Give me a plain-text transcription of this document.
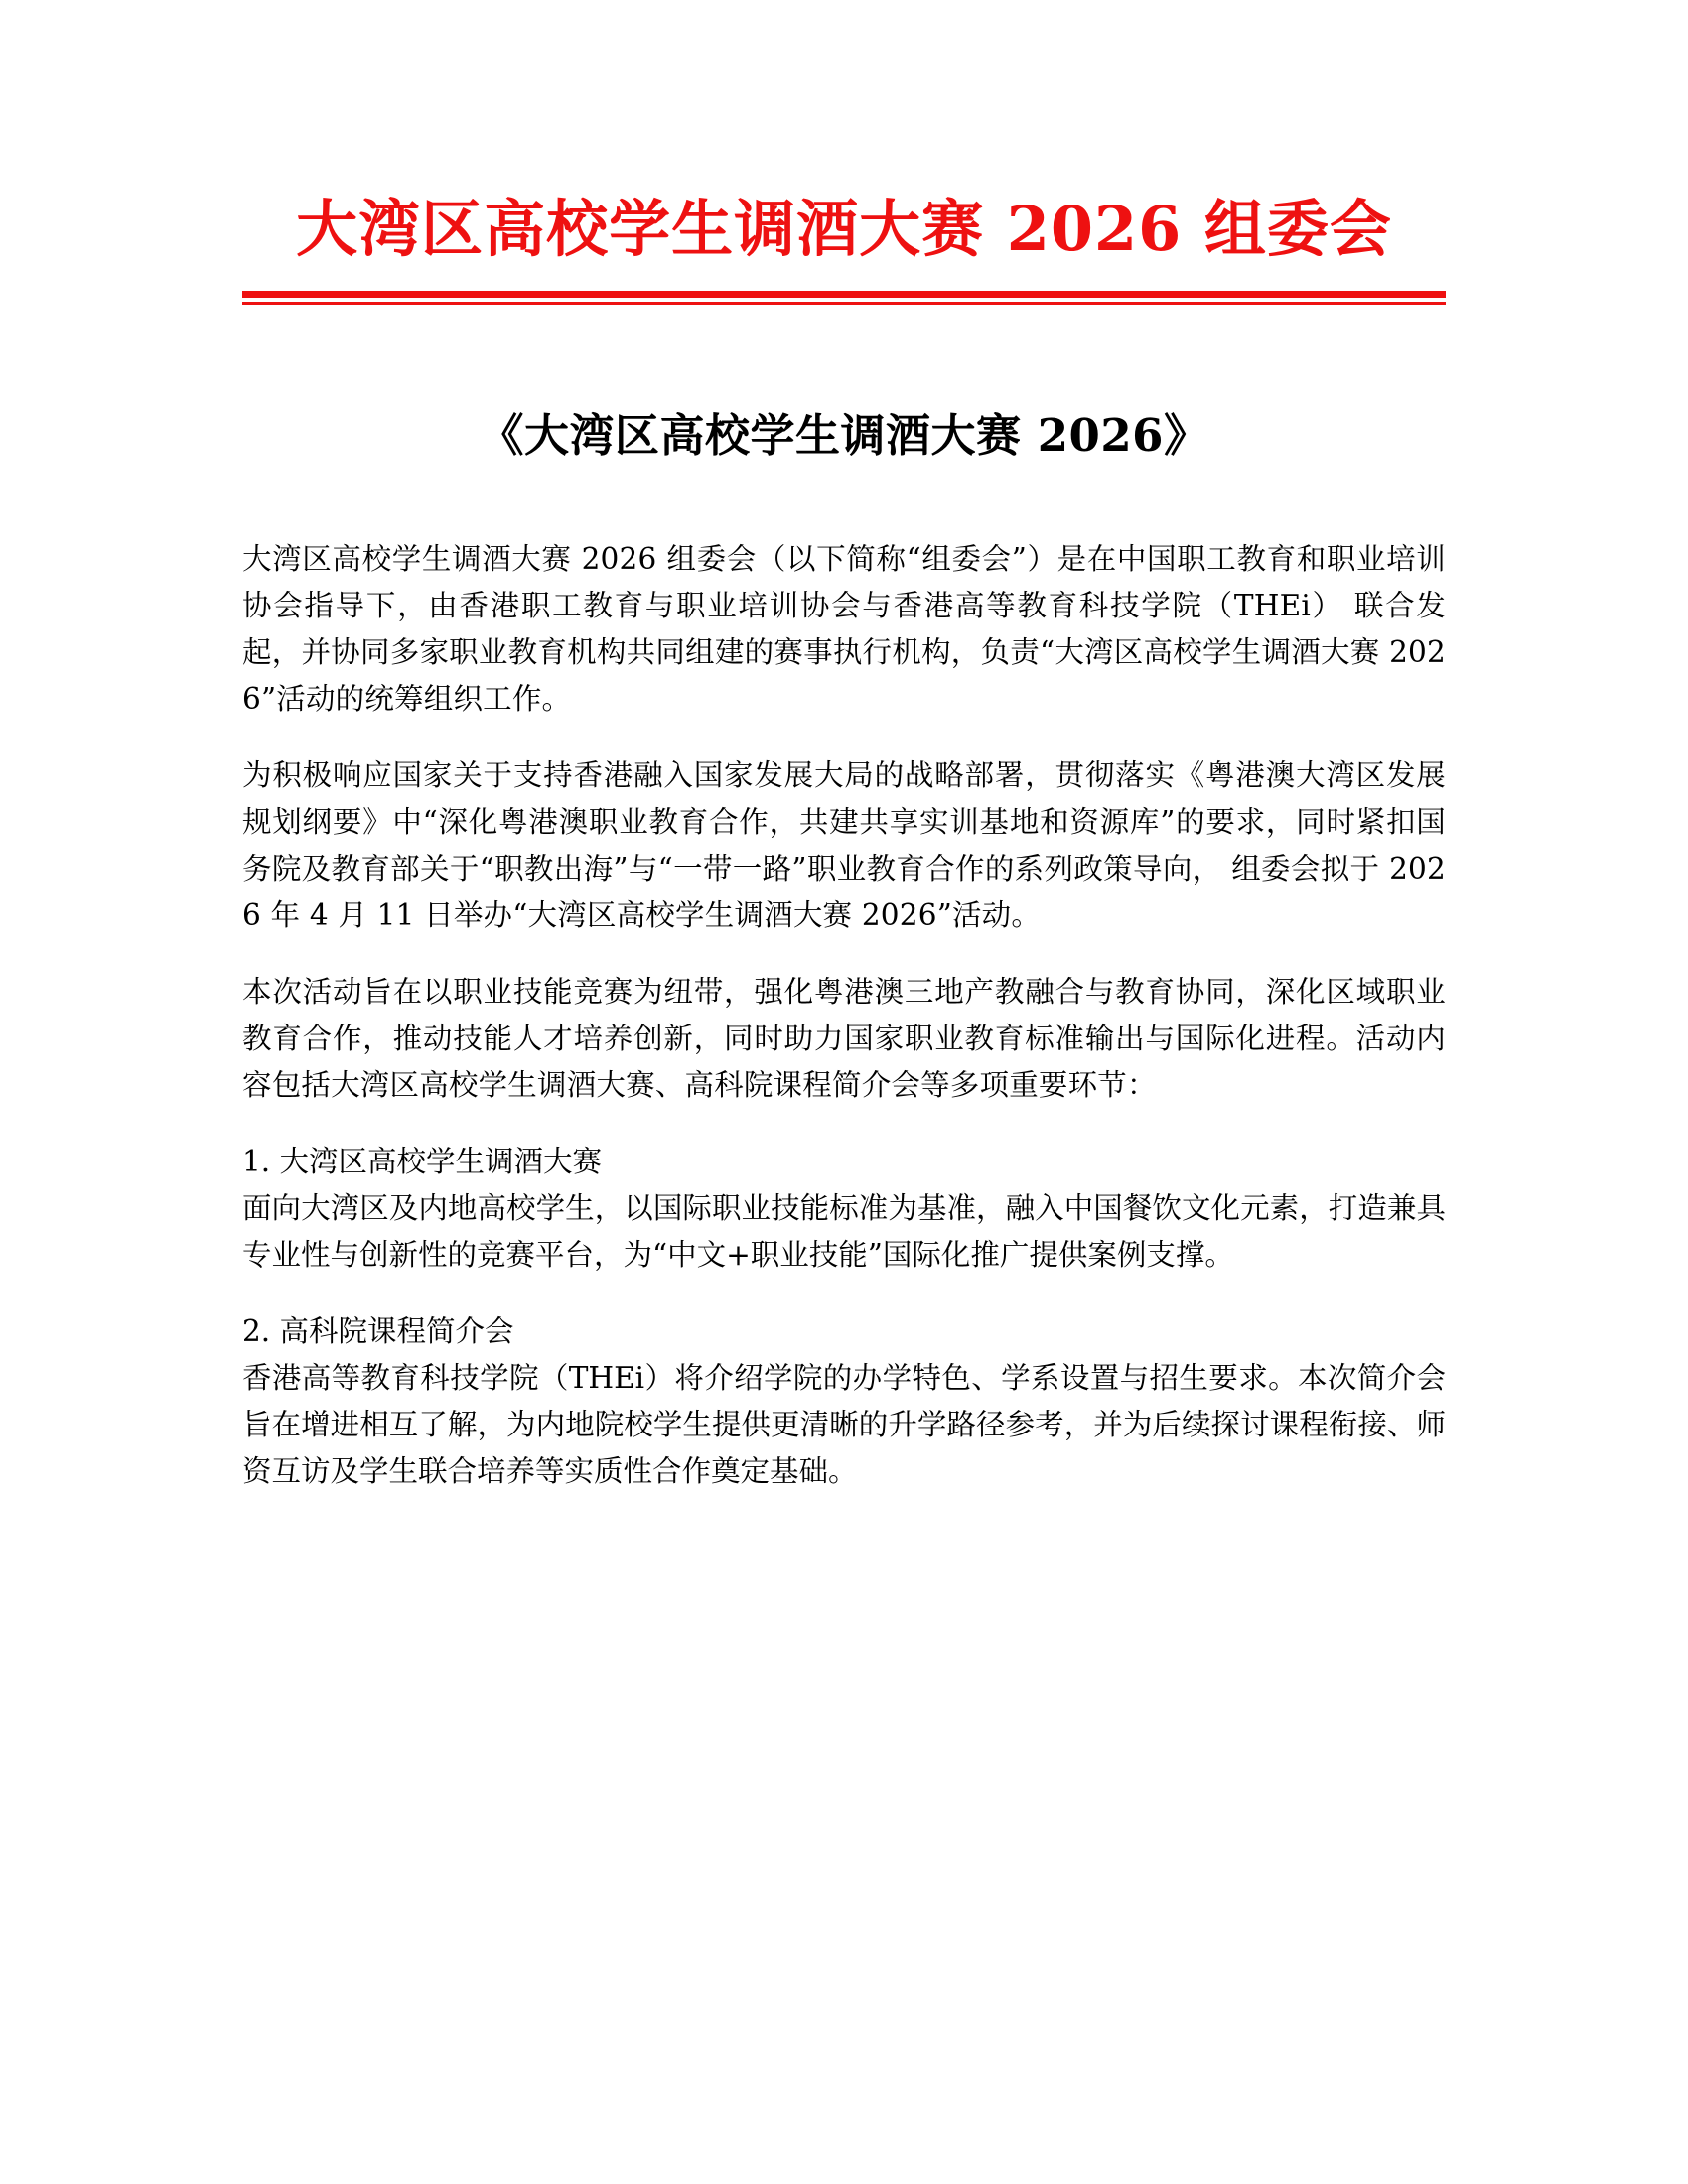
大湾区高校学生调酒大赛 2026 组委会
《大湾区高校学生调酒大赛 2026》

大湾区高校学生调酒大赛 2026 组委会（以下简称“组委会”）是在中国职工教育和职业培训协会指导下，由香港职工教育与职业培训协会与香港高等教育科技学院（THEi） 联合发起，并协同多家职业教育机构共同组建的赛事执行机构，负责“大湾区高校学生调酒大赛 2026”活动的统筹组织工作。

为积极响应国家关于支持香港融入国家发展大局的战略部署，贯彻落实《粤港澳大湾区发展规划纲要》中“深化粤港澳职业教育合作，共建共享实训基地和资源库”的要求，同时紧扣国务院及教育部关于“职教出海”与“一带一路”职业教育合作的系列政策导向， 组委会拟于 2026 年 4 月 11 日举办“大湾区高校学生调酒大赛 2026”活动。

本次活动旨在以职业技能竞赛为纽带，强化粤港澳三地产教融合与教育协同，深化区域职业教育合作，推动技能人才培养创新，同时助力国家职业教育标准输出与国际化进程。活动内容包括大湾区高校学生调酒大赛、高科院课程简介会等多项重要环节：

1. 大湾区高校学生调酒大赛

面向大湾区及内地高校学生，以国际职业技能标准为基准，融入中国餐饮文化元素，打造兼具专业性与创新性的竞赛平台，为“中文+职业技能”国际化推广提供案例支撑。

2. 高科院课程简介会

香港高等教育科技学院（THEi）将介绍学院的办学特色、学系设置与招生要求。本次简介会旨在增进相互了解，为内地院校学生提供更清晰的升学路径参考，并为后续探讨课程衔接、师资互访及学生联合培养等实质性合作奠定基础。
